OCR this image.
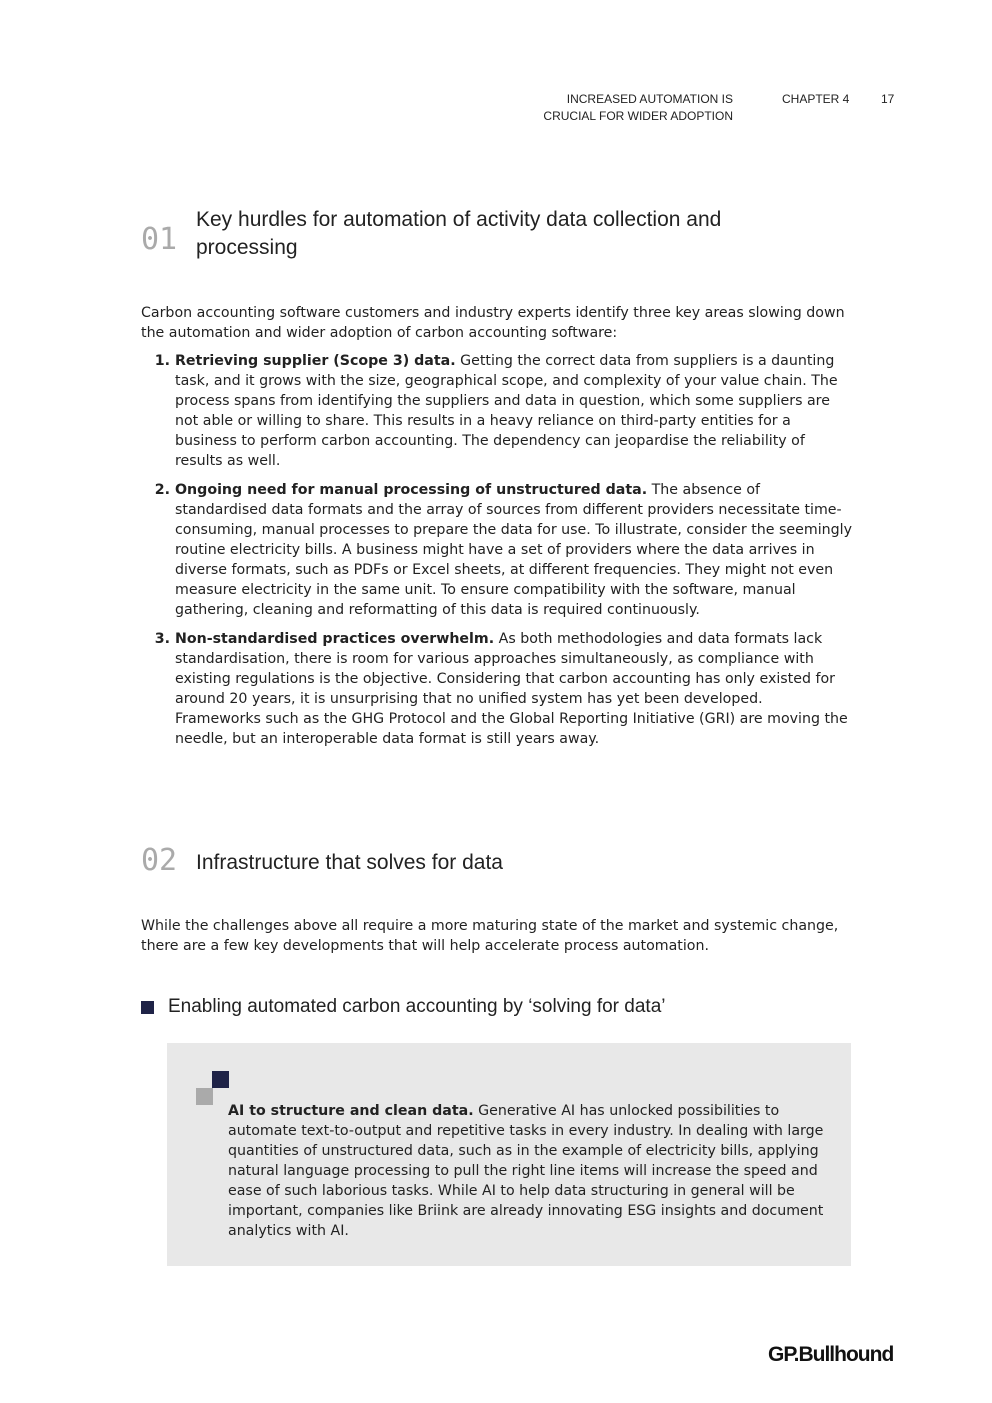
INCREASED AUTOMATION IS
CRUCIAL FOR WIDER ADOPTION
CHAPTER 4	17
01
Key hurdles for automation of activity data collection and processing

Carbon accounting software customers and industry experts identify three key areas slowing down the automation and wider adoption of carbon accounting software:

1. Retrieving supplier (Scope 3) data. Getting the correct data from suppliers is a daunting task, and it grows with the size, geographical scope, and complexity of your value chain. The process spans from identifying the suppliers and data in question, which some suppliers are not able or willing to share. This results in a heavy reliance on third-party entities for a business to perform carbon accounting. The dependency can jeopardise the reliability of results as well.
2. Ongoing need for manual processing of unstructured data. The absence of standardised data formats and the array of sources from different providers necessitate time-consuming, manual processes to prepare the data for use. To illustrate, consider the seemingly routine electricity bills. A business might have a set of providers where the data arrives in diverse formats, such as PDFs or Excel sheets, at different frequencies. They might not even measure electricity in the same unit. To ensure compatibility with the software, manual gathering, cleaning and reformatting of this data is required continuously.
3. Non-standardised practices overwhelm. As both methodologies and data formats lack standardisation, there is room for various approaches simultaneously, as compliance with existing regulations is the objective. Considering that carbon accounting has only existed for around 20 years, it is unsurprising that no unified system has yet been developed. Frameworks such as the GHG Protocol and the Global Reporting Initiative (GRI) are moving the needle, but an interoperable data format is still years away.
02 Infrastructure that solves for data

While the challenges above all require a more maturing state of the market and systemic change, there are a few key developments that will help accelerate process automation.

Enabling automated carbon accounting by ‘solving for data’

AI to structure and clean data. Generative AI has unlocked possibilities to automate text-to-output and repetitive tasks in every industry. In dealing with large quantities of unstructured data, such as in the example of electricity bills, applying natural language processing to pull the right line items will increase the speed and ease of such laborious tasks. While AI to help data structuring in general will be important, companies like Briink are already innovating ESG insights and document analytics with AI.

GP.Bullhound
